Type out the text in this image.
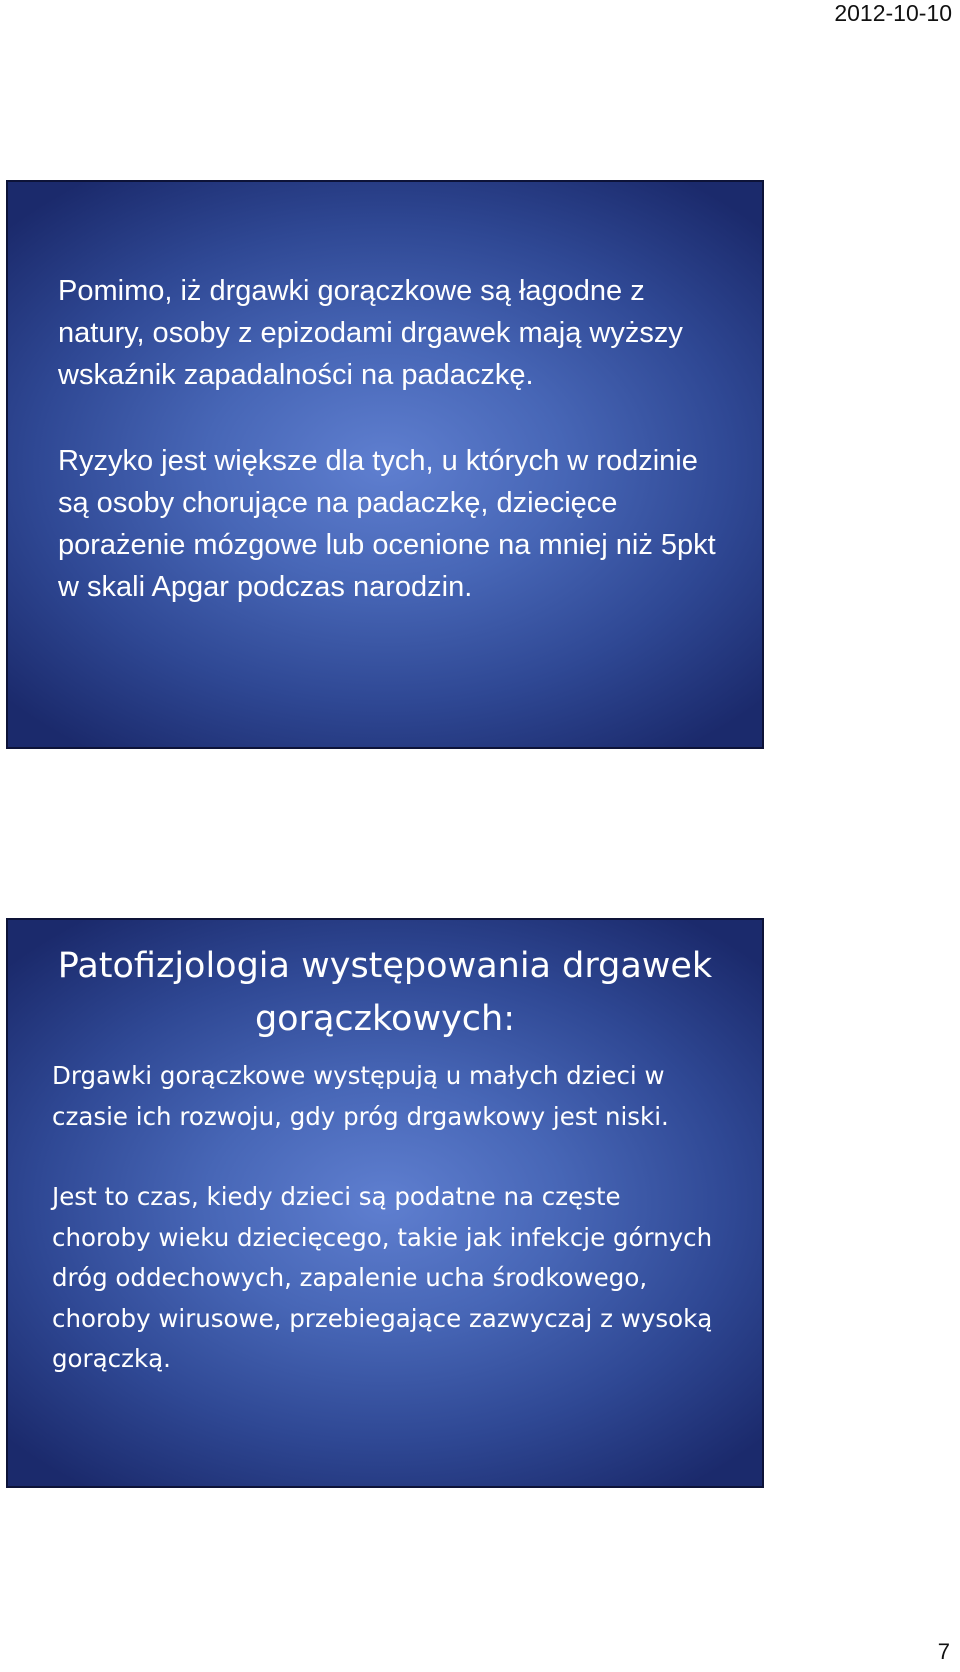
2012-10-10

Pomimo, iż drgawki gorączkowe są łagodne z natury, osoby z epizodami drgawek mają wyższy wskaźnik zapadalności na padaczkę.

Ryzyko jest większe dla tych, u których w rodzinie są osoby chorujące na padaczkę, dziecięce porażenie mózgowe lub ocenione na mniej niż 5pkt w skali Apgar podczas narodzin.

Patofizjologia występowania drgawek gorączkowych:

Drgawki gorączkowe występują u małych dzieci w czasie ich rozwoju, gdy próg drgawkowy jest niski.

Jest to czas, kiedy dzieci są podatne na częste choroby wieku dziecięcego, takie jak infekcje górnych dróg oddechowych, zapalenie ucha środkowego, choroby wirusowe, przebiegające zazwyczaj z wysoką gorączką.

7
